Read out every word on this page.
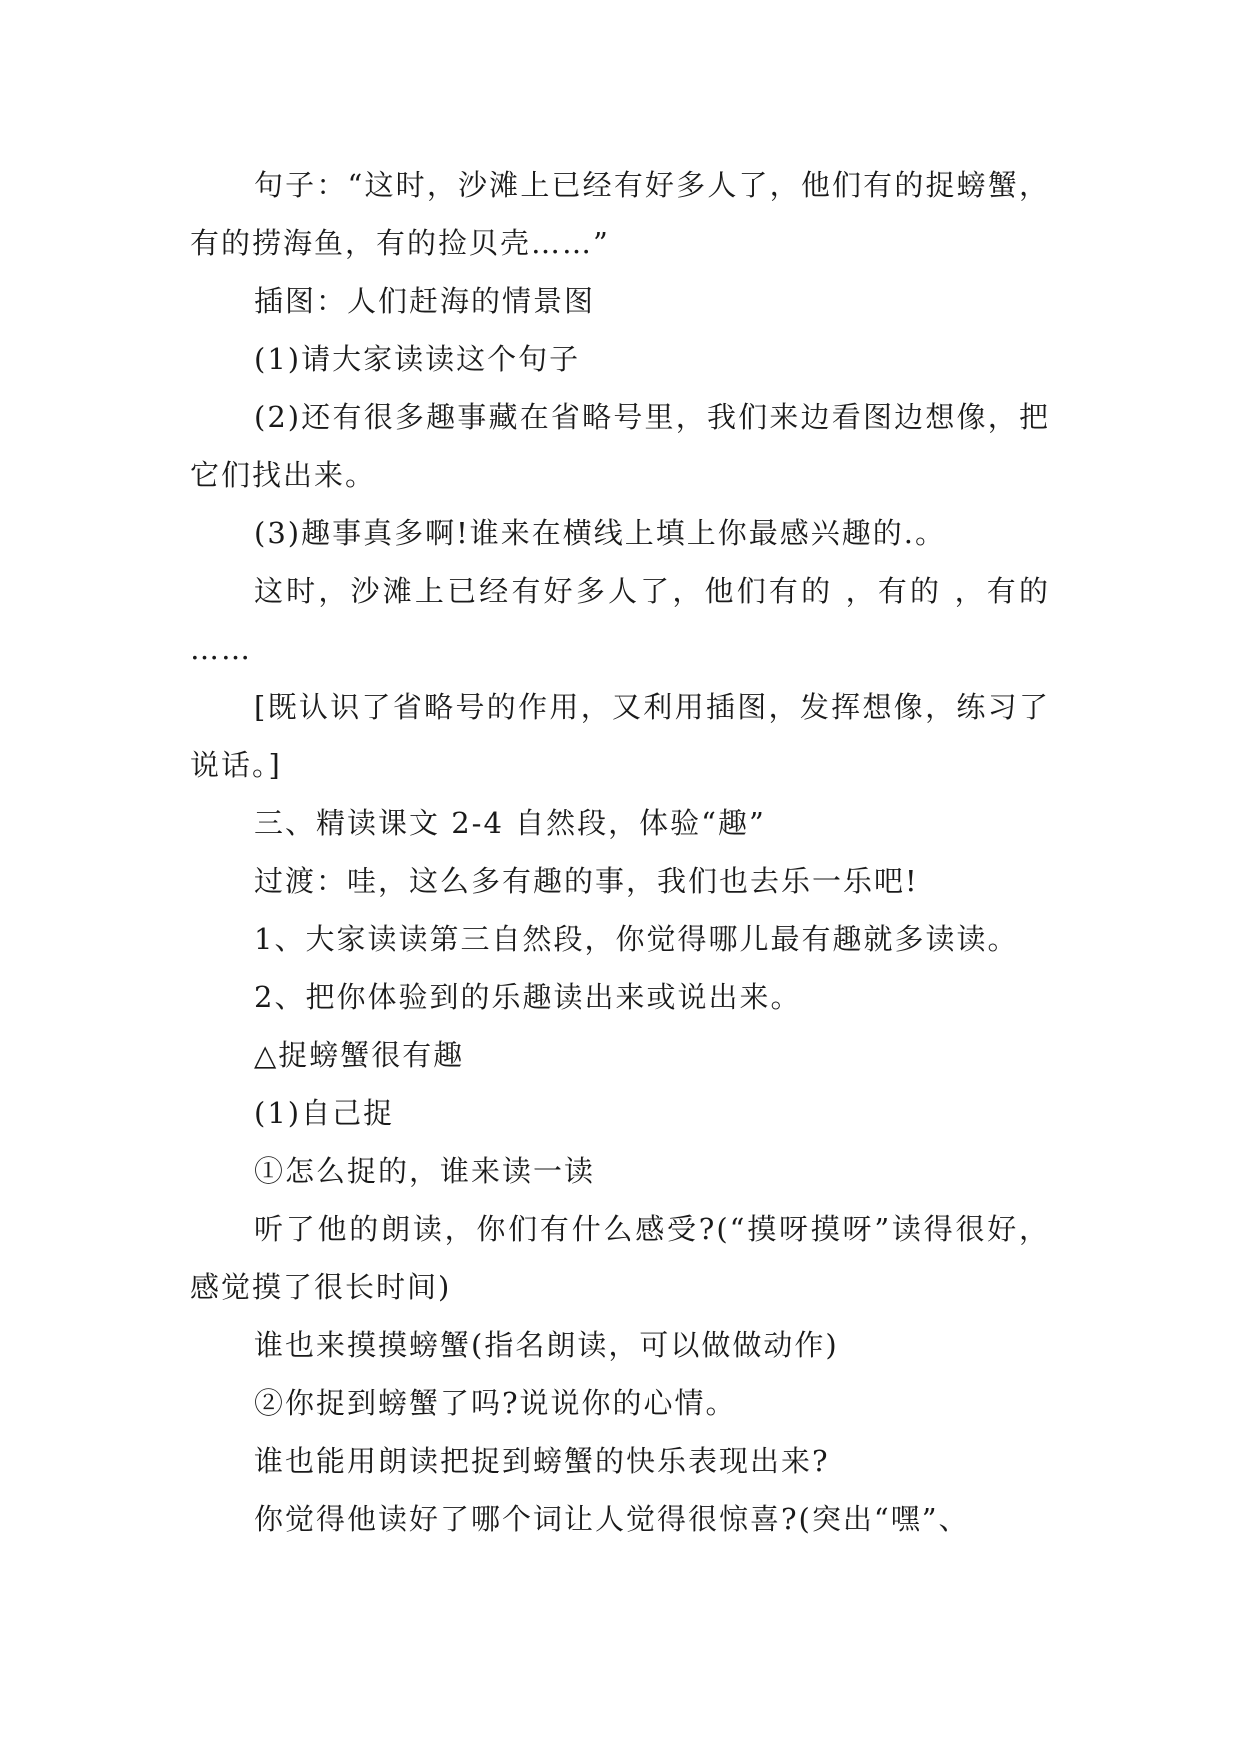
句子：“这时，沙滩上已经有好多人了，他们有的捉螃蟹，有的捞海鱼，有的捡贝壳……”

插图：人们赶海的情景图

(1)请大家读读这个句子

(2)还有很多趣事藏在省略号里，我们来边看图边想像，把它们找出来。

(3)趣事真多啊!谁来在横线上填上你最感兴趣的.。

这时，沙滩上已经有好多人了，他们有的 ，有的 ，有的 ……

[既认识了省略号的作用，又利用插图，发挥想像，练习了说话。]

三、精读课文 2-4 自然段，体验“趣”

过渡：哇，这么多有趣的事，我们也去乐一乐吧!

1、大家读读第三自然段，你觉得哪儿最有趣就多读读。

2、把你体验到的乐趣读出来或说出来。

△捉螃蟹很有趣

(1)自己捉

①怎么捉的，谁来读一读

听了他的朗读，你们有什么感受?(“摸呀摸呀”读得很好，感觉摸了很长时间)

谁也来摸摸螃蟹(指名朗读，可以做做动作)

②你捉到螃蟹了吗?说说你的心情。

谁也能用朗读把捉到螃蟹的快乐表现出来?

你觉得他读好了哪个词让人觉得很惊喜?(突出“嘿”、
